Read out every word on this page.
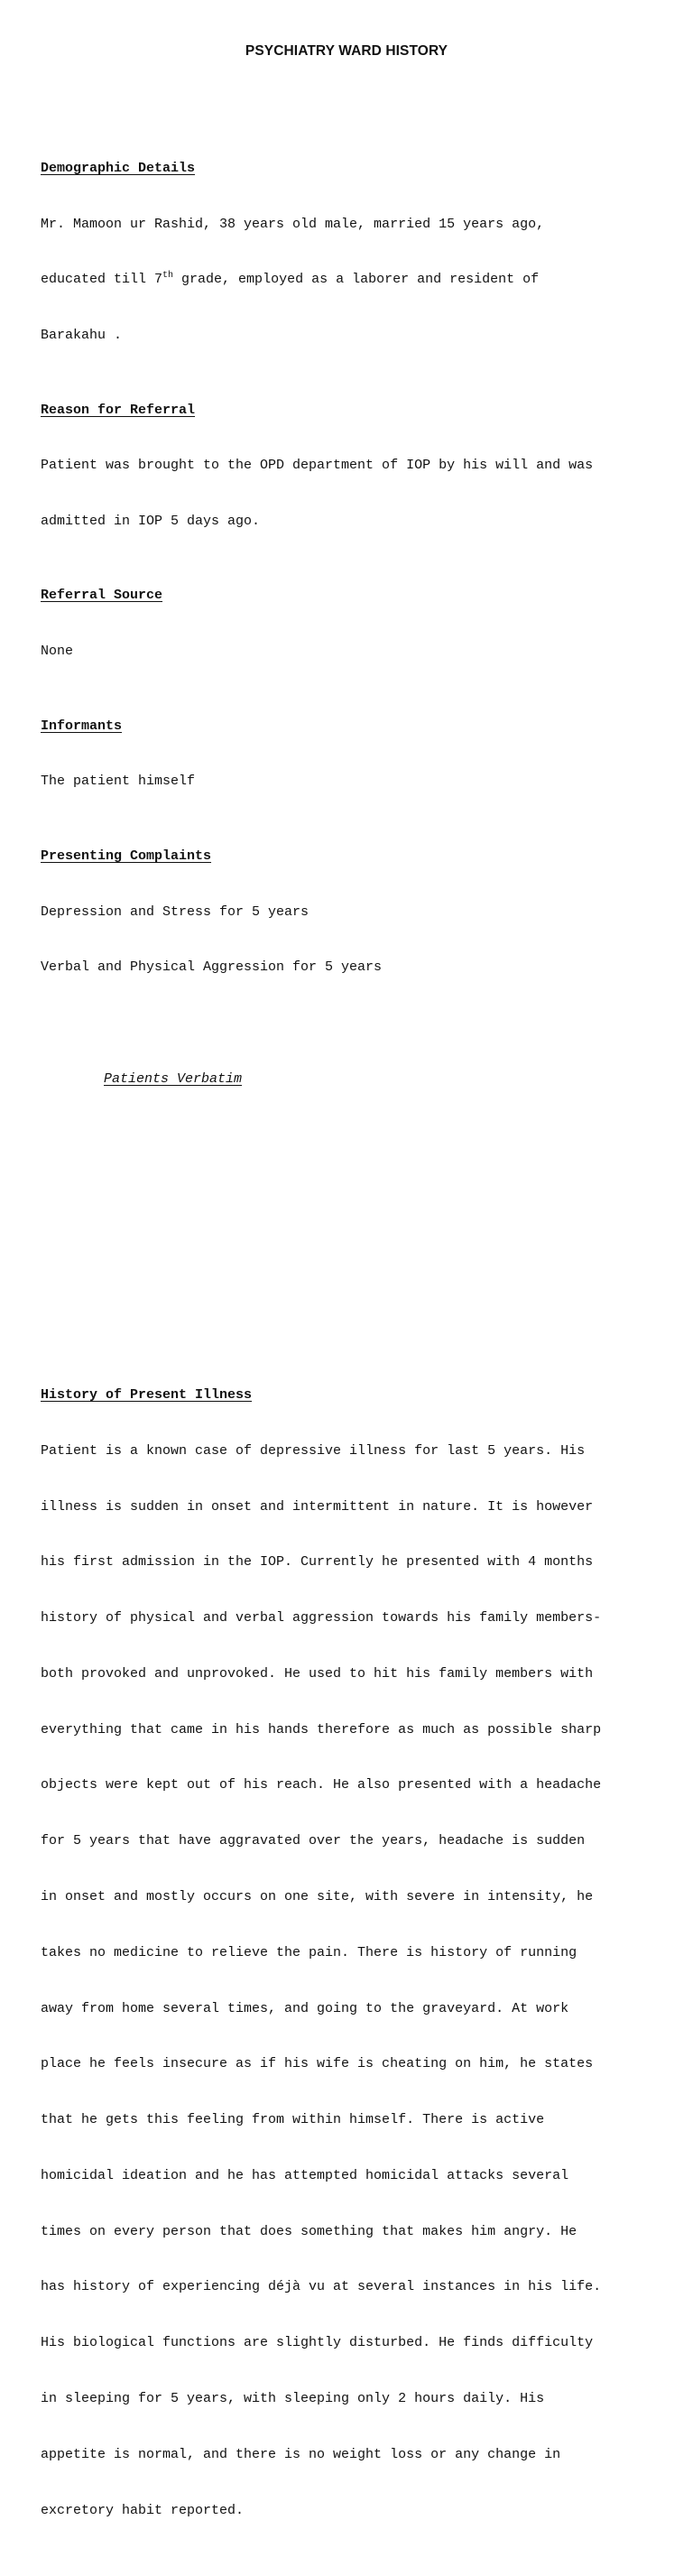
PSYCHIATRY WARD HISTORY

Demographic Details

Mr. Mamoon ur Rashid, 38 years old male, married 15 years ago,

educated till 7th grade, employed as a laborer and resident of

Barakahu .

Reason for Referral

Patient was brought to the OPD department of IOP by his will and was

admitted in IOP 5 days ago.

Referral Source

None

Informants

The patient himself

Presenting Complaints

Depression and Stress for 5 years

Verbal and Physical Aggression for 5 years

Patients Verbatim

History of Present Illness

Patient is a known case of depressive illness for last 5 years. His

illness is sudden in onset and intermittent in nature. It is however

his first admission in the IOP. Currently he presented with 4 months

history of physical and verbal aggression towards his family members-

both provoked and unprovoked. He used to hit his family members with

everything that came in his hands therefore as much as possible sharp

objects were kept out of his reach. He also presented with a headache

for 5 years that have aggravated over the years, headache is sudden

in onset and mostly occurs on one site, with severe in intensity, he

takes no medicine to relieve the pain. There is history of running

away from home several times, and going to the graveyard. At work

place he feels insecure as if his wife is cheating on him, he states

that he gets this feeling from within himself. There is active

homicidal ideation and he has attempted homicidal attacks several

times on every person that does something that makes him angry. He

has history of experiencing déjà vu at several instances in his life.

His biological functions are slightly disturbed. He finds difficulty

in sleeping for 5 years, with sleeping only 2 hours daily. His

appetite is normal, and there is no weight loss or any change in

excretory habit reported.
